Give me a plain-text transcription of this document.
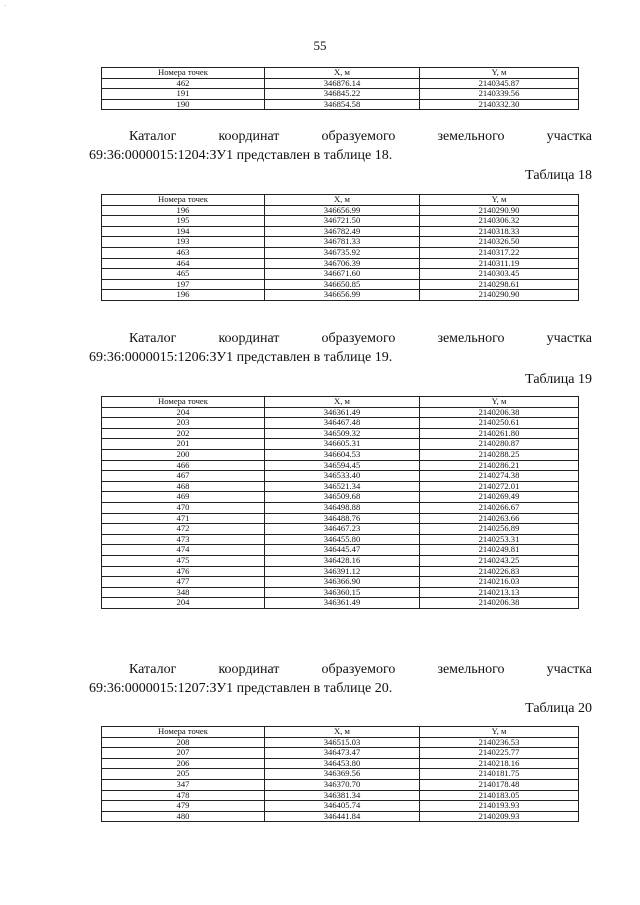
·
55
Номера точек	X, м	Y, м
462	346876.14	2140345.87
191	346845.22	2140339.56
190	346854.58	2140332.30
Каталог	координат	образуемого	земельного	участка
69:36:0000015:1204:ЗУ1 представлен в таблице 18.
Таблица 18
Номера точек	X, м	Y, м
196	346656.99	2140290.90
195	346721.50	2140306.32
194	346782.49	2140318.33
193	346781.33	2140326.50
463	346735.92	2140317.22
464	346706.39	2140311.19
465	346671.60	2140303.45
197	346650.85	2140298.61
196	346656.99	2140290.90
Каталог	координат	образуемого	земельного	участка
69:36:0000015:1206:ЗУ1 представлен в таблице 19.
Таблица 19
Номера точек	X, м	Y, м
204	346361.49	2140206.38
203	346467.48	2140250.61
202	346509.32	2140261.80
201	346605.31	2140280.87
200	346604.53	2140288.25
466	346594.45	2140286.21
467	346533.40	2140274.38
468	346521.34	2140272.01
469	346509.68	2140269.49
470	346498.88	2140266.67
471	346488.76	2140263.66
472	346467.23	2140256.89
473	346455.80	2140253.31
474	346445.47	2140249.81
475	346428.16	2140243.25
476	346391.12	2140226.83
477	346366.90	2140216.03
348	346360.15	2140213.13
204	346361.49	2140206.38
Каталог	координат	образуемого	земельного	участка
69:36:0000015:1207:ЗУ1 представлен в таблице 20.
Таблица 20
Номера точек	X, м	Y, м
208	346515.03	2140236.53
207	346473.47	2140225.77
206	346453.80	2140218.16
205	346369.56	2140181.75
347	346370.70	2140178.48
478	346381.34	2140183.05
479	346405.74	2140193.93
480	346441.84	2140209.93
